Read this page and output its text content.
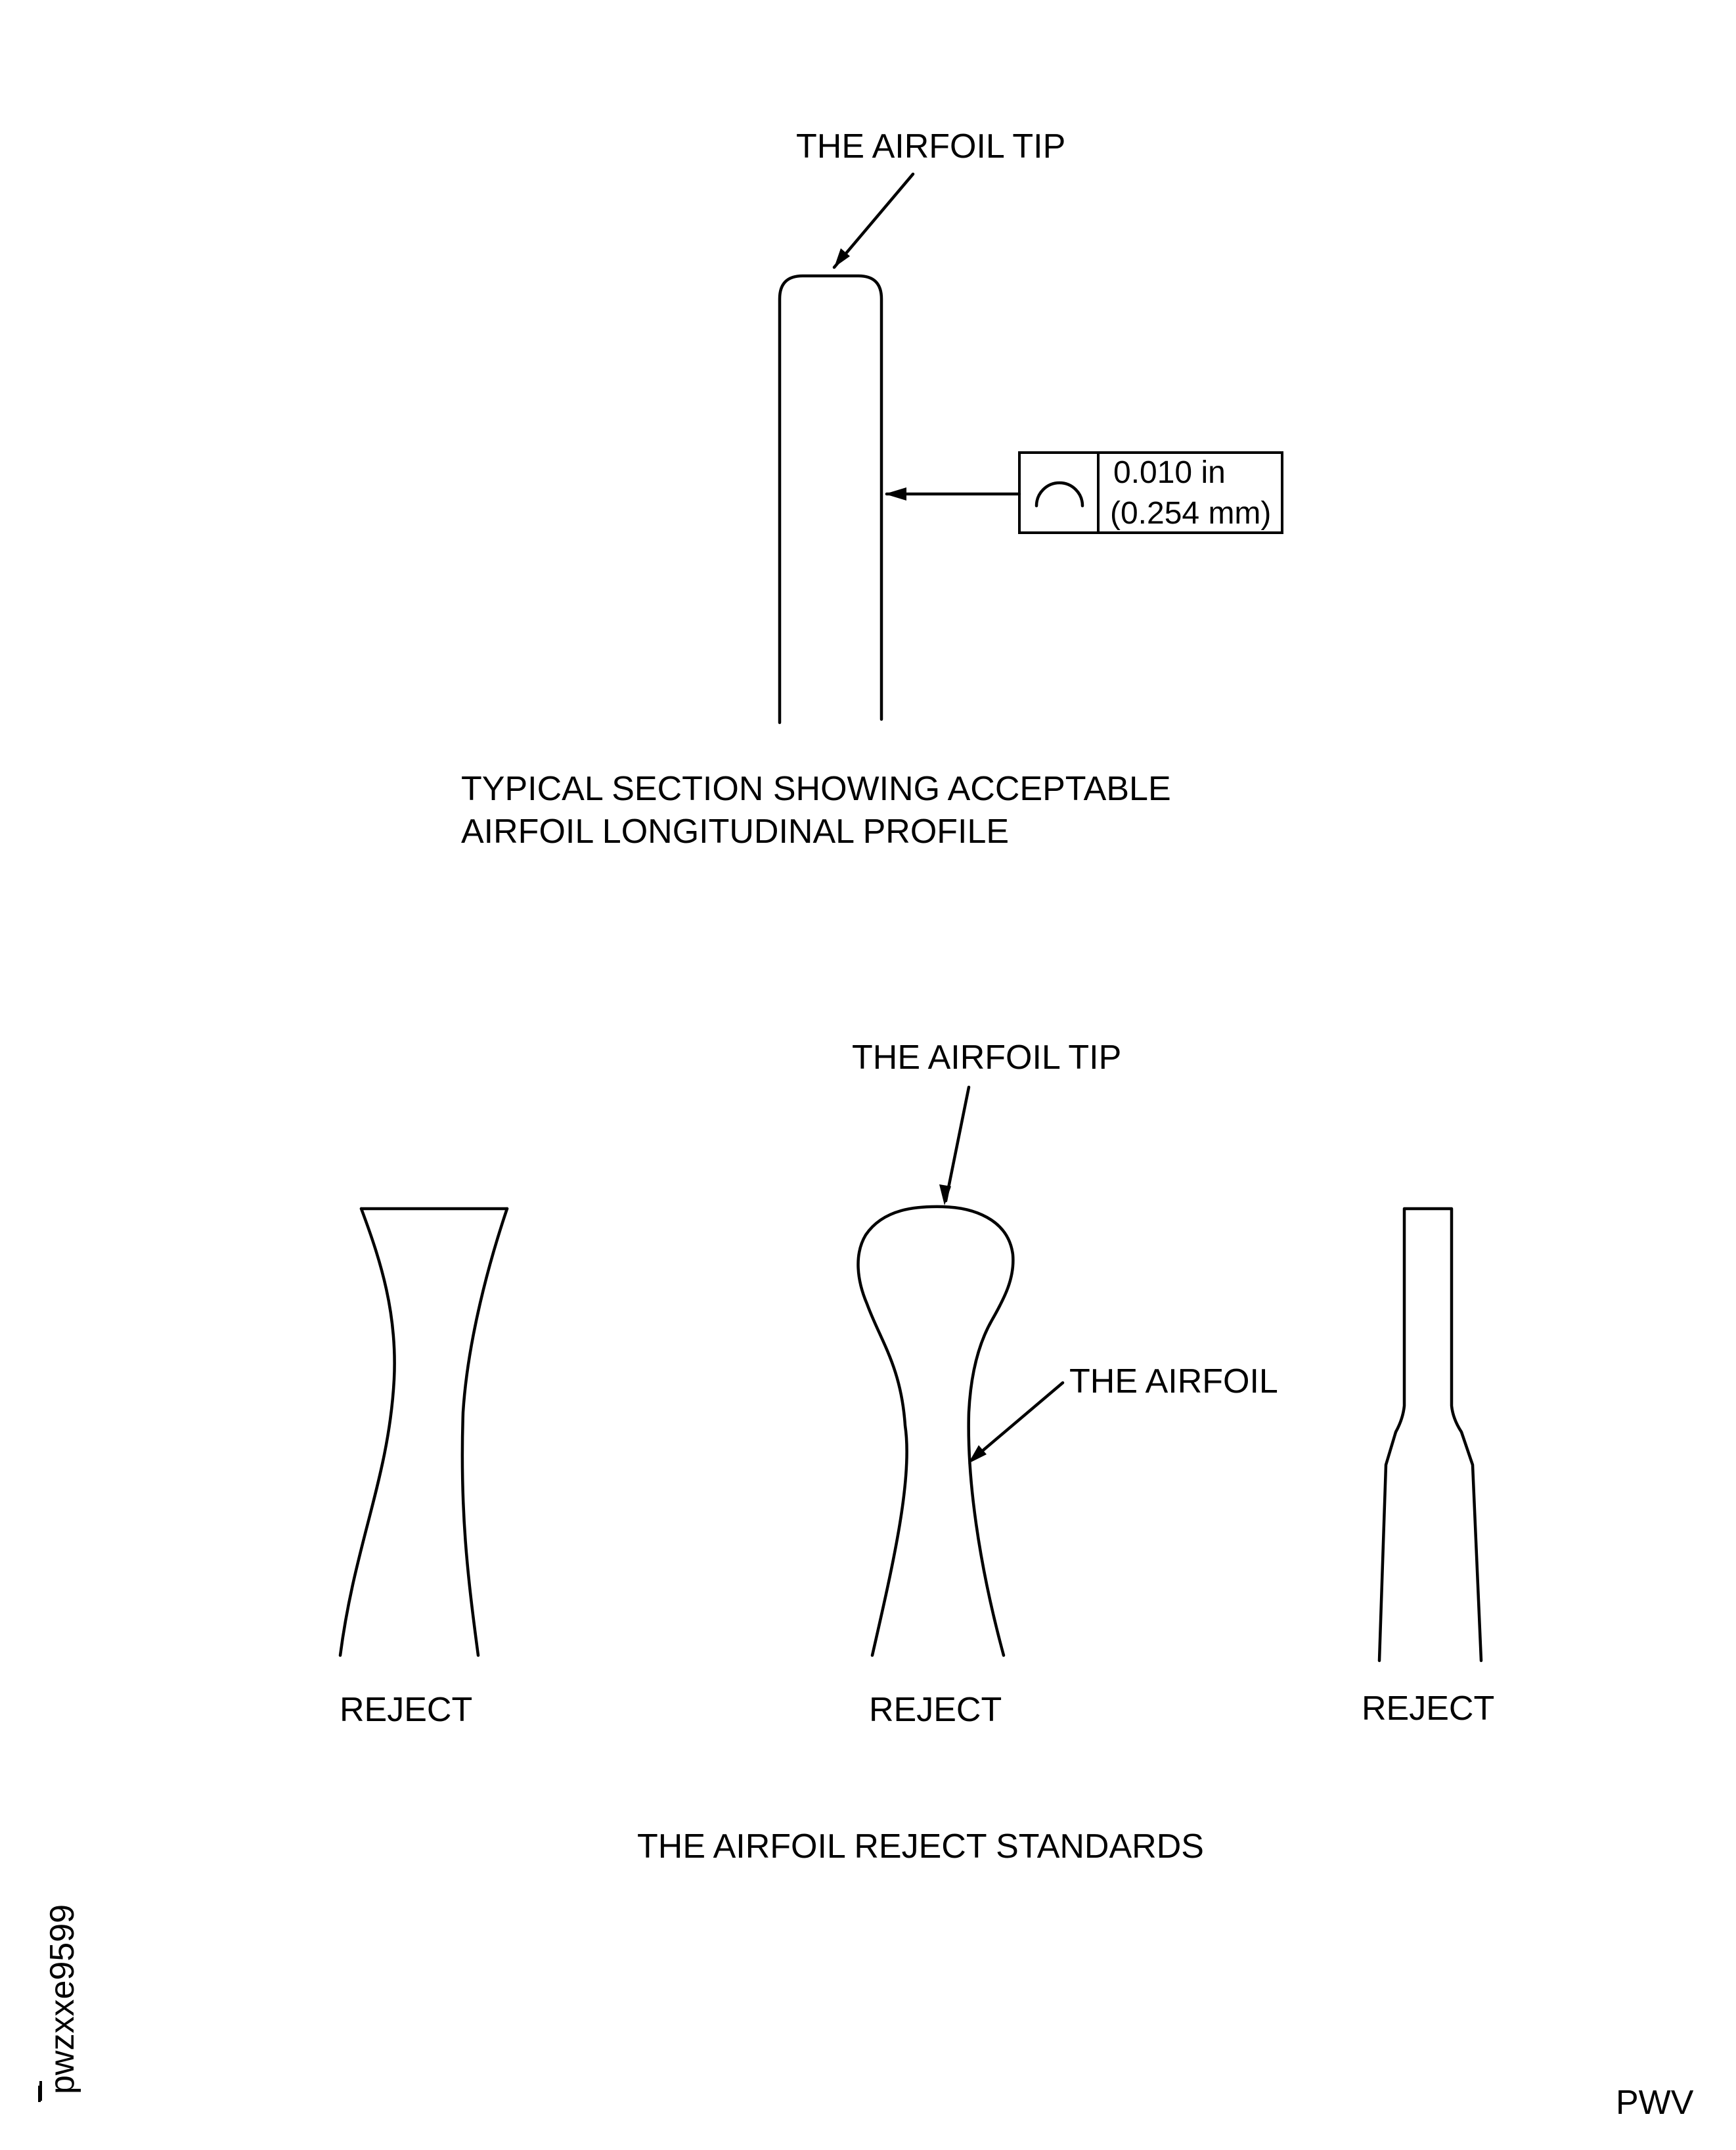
THE AIRFOIL TIP
0.010 in
(0.254 mm)
TYPICAL SECTION SHOWING ACCEPTABLE
AIRFOIL LONGITUDINAL PROFILE
THE AIRFOIL TIP
THE AIRFOIL
REJECT	REJECT	REJECT
THE AIRFOIL REJECT STANDARDS
pwzxxe9599
PWV
